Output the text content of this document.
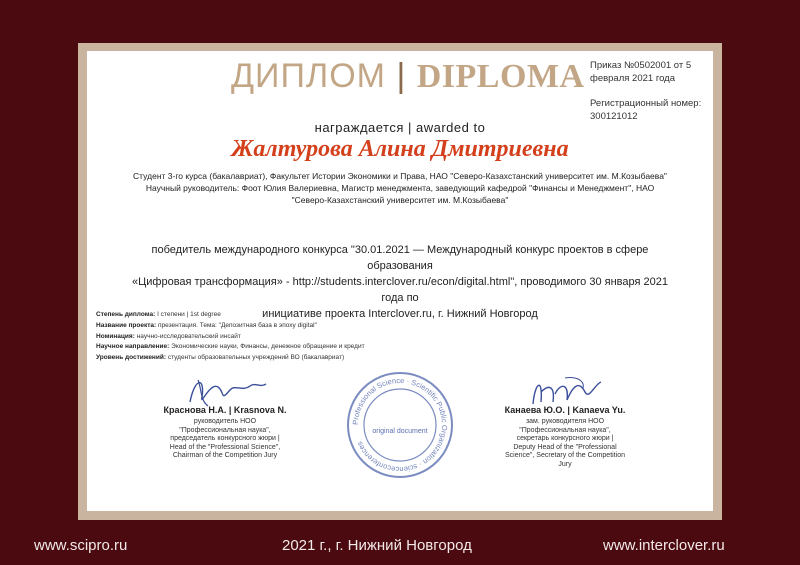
ДИПЛОМ | DIPLOMA Приказ №0502001 от 5 февраля 2021 года
Регистрационный номер:
300121012
награждается | awarded to
Жалтурова Алина Дмитриевна
Студент 3-го курса (бакалавриат), Факультет Истории Экономики и Права, НАО "Северо-Казахстанский университет им. М.Козыбаева"
Научный руководитель: Фоот Юлия Валериевна, Магистр менеджмента, заведующий кафедрой "Финансы и Менеджмент", НАО
"Северо-Казахстанский университет им. М.Козыбаева"
победитель международного конкурса "30.01.2021 — Международный конкурс проектов в сфере образования
«Цифровая трансформация» - http://students.interclover.ru/econ/digital.html", проводимого 30 января 2021 года по
инициативе проекта Interclover.ru, г. Нижний Новгород
Степень диплома: I степени | 1st degree
Название проекта: презентация. Тема: "Депозитная база в эпоху digital"
Номинация: научно-исследовательский инсайт
Научное направление: Экономические науки, Финансы, денежное обращение и кредит
Уровень достижений: студенты образовательных учреждений ВО (бакалавриат)
Краснова Н.А. | Krasnova N.
руководитель НОО
"Профессиональная наука",
председатель конкурсного жюри |
Head of the "Professional Science",
Chairman of the Competition Jury
Professional Science · Scientific Public Organization · scienceconferences
original document
Канаева Ю.О. | Kanaeva Yu.
зам. руководителя НОО
"Профессиональная наука",
секретарь конкурсного жюри |
Deputy Head of the "Professional
Science", Secretary of the Competition
Jury
www.scipro.ru	2021 г., г. Нижний Новгород	www.interclover.ru
